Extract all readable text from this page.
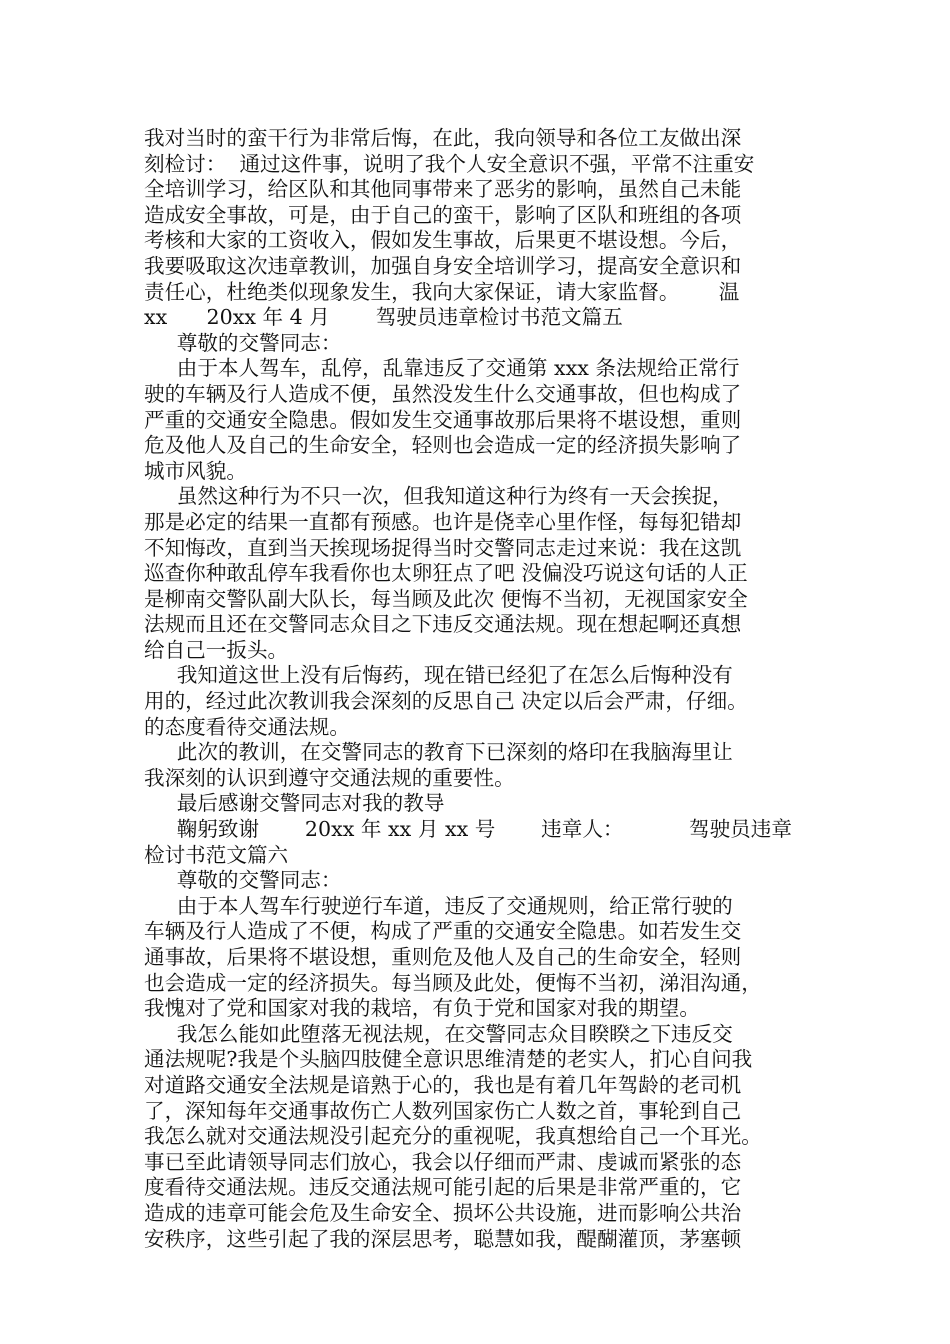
我对当时的蛮干行为非常后悔，在此，我向领导和各位工友做出深
刻检讨：  通过这件事，说明了我个人安全意识不强，平常不注重安
全培训学习，给区队和其他同事带来了恶劣的影响，虽然自己未能
造成安全事故，可是，由于自己的蛮干，影响了区队和班组的各项
考核和大家的工资收入，假如发生事故，后果更不堪设想。今后，
我要吸取这次违章教训，加强自身安全培训学习，提高安全意识和
责任心，杜绝类似现象发生，我向大家保证，请大家监督。      温
xx      20xx 年 4 月       驾驶员违章检讨书范文篇五
尊敬的交警同志：
由于本人驾车，乱停，乱靠违反了交通第 xxx 条法规给正常行
驶的车辆及行人造成不便，虽然没发生什么交通事故，但也构成了
严重的交通安全隐患。假如发生交通事故那后果将不堪设想，重则
危及他人及自己的生命安全，轻则也会造成一定的经济损失影响了
城市风貌。
虽然这种行为不只一次，但我知道这种行为终有一天会挨捉，
那是必定的结果一直都有预感。也许是侥幸心里作怪，每每犯错却
不知悔改，直到当天挨现场捉得当时交警同志走过来说：我在这凯
巡查你种敢乱停车我看你也太卵狂点了吧 没偏没巧说这句话的人正
是柳南交警队副大队长，每当顾及此次 便悔不当初，无视国家安全
法规而且还在交警同志众目之下违反交通法规。现在想起啊还真想
给自己一扳头。
我知道这世上没有后悔药，现在错已经犯了在怎么后悔种没有
用的，经过此次教训我会深刻的反思自己 决定以后会严肃，仔细。
的态度看待交通法规。
此次的教训，在交警同志的教育下已深刻的烙印在我脑海里让
我深刻的认识到遵守交通法规的重要性。
最后感谢交警同志对我的教导
鞠躬致谢       20xx 年 xx 月 xx 号       违章人：          驾驶员违章
检讨书范文篇六
尊敬的交警同志：
由于本人驾车行驶逆行车道，违反了交通规则，给正常行驶的
车辆及行人造成了不便，构成了严重的交通安全隐患。如若发生交
通事故，后果将不堪设想，重则危及他人及自己的生命安全，轻则
也会造成一定的经济损失。每当顾及此处，便悔不当初，涕泪沟通，
我愧对了党和国家对我的栽培，有负于党和国家对我的期望。
我怎么能如此堕落无视法规，在交警同志众目睽睽之下违反交
通法规呢?我是个头脑四肢健全意识思维清楚的老实人，扪心自问我
对道路交通安全法规是谙熟于心的，我也是有着几年驾龄的老司机
了，深知每年交通事故伤亡人数列国家伤亡人数之首，事轮到自己
我怎么就对交通法规没引起充分的重视呢，我真想给自己一个耳光。
事已至此请领导同志们放心，我会以仔细而严肃、虔诚而紧张的态
度看待交通法规。违反交通法规可能引起的后果是非常严重的，它
造成的违章可能会危及生命安全、损坏公共设施，进而影响公共治
安秩序，这些引起了我的深层思考，聪慧如我，醍醐灌顶，茅塞顿
